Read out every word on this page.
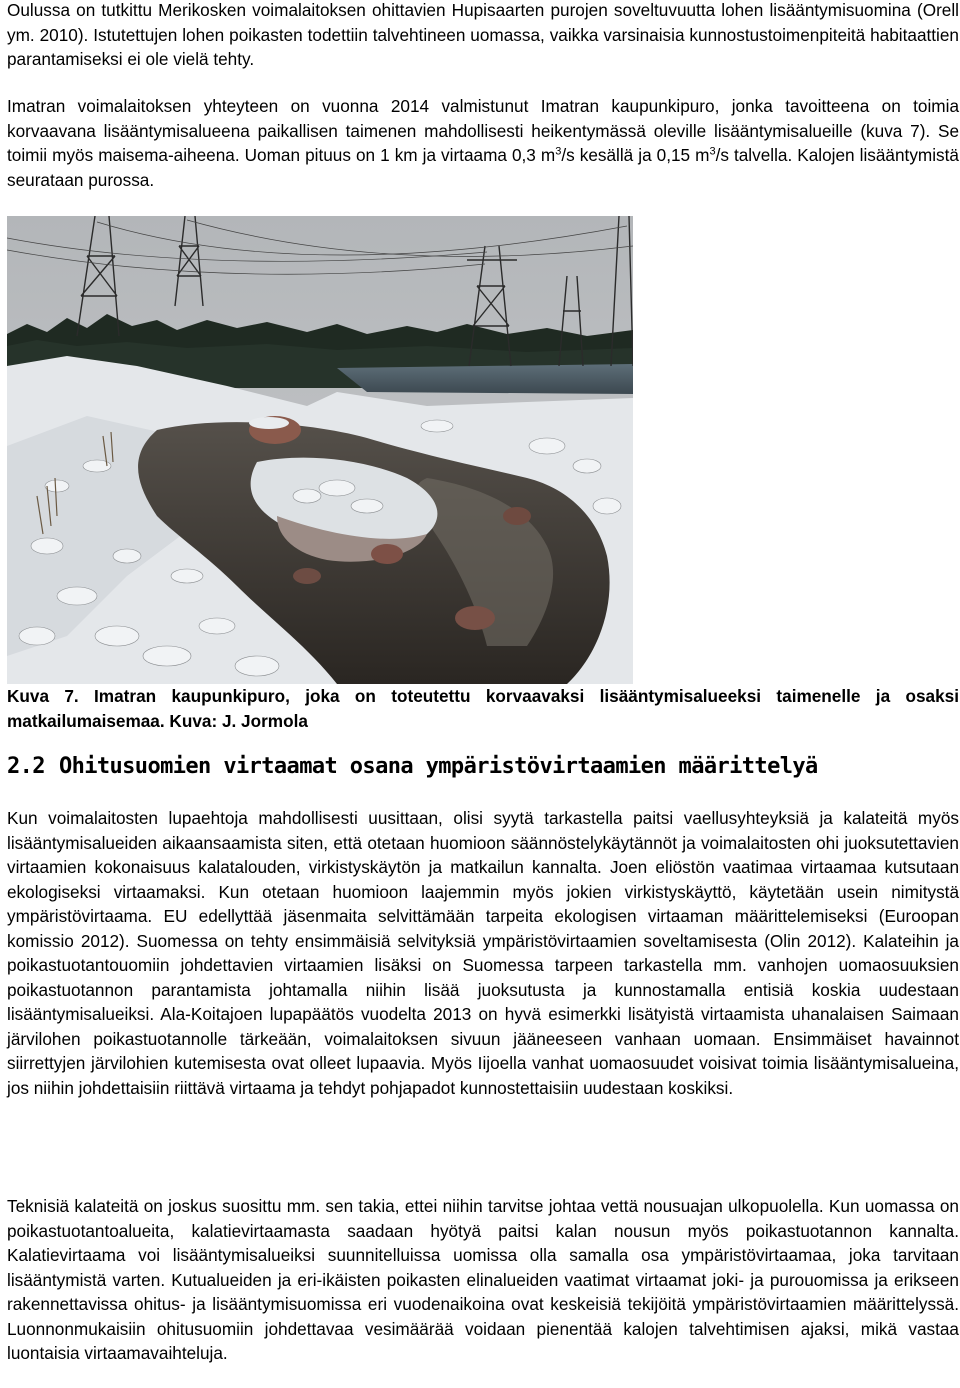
Oulussa on tutkittu Merikosken voimalaitoksen ohittavien Hupisaarten purojen soveltuvuutta lohen lisääntymisuomina (Orell ym. 2010). Istutettujen lohen poikasten todettiin talvehtineen uomassa, vaikka varsinaisia kunnostustoimenpiteitä habitaattien parantamiseksi ei ole vielä tehty.

Imatran voimalaitoksen yhteyteen on vuonna 2014 valmistunut Imatran kaupunkipuro, jonka tavoitteena on toimia korvaavana lisääntymisalueena paikallisen taimenen mahdollisesti heikentymässä oleville lisääntymisalueille (kuva 7). Se toimii myös maisema-aiheena. Uoman pituus on 1 km ja virtaama 0,3 $m^3/s$ kesällä ja 0,15 $m^3/s$ talvella. Kalojen lisääntymistä seurataan purossa.

Kuva 7. Imatran kaupunkipuro, joka on toteutettu korvaavaksi lisääntymisalueeksi taimenelle ja osaksi matkailumaisemaa. Kuva: J. Jormola

2.2 Ohitusuomien virtaamat osana ympäristövirtaamien määrittelyä

Kun voimalaitosten lupaehtoja mahdollisesti uusittaan, olisi syytä tarkastella paitsi vaellusyhteyksiä ja kalateitä myös lisääntymisalueiden aikaansaamista siten, että otetaan huomioon säännöstelykäytännöt ja voimalaitosten ohi juoksutettavien virtaamien kokonaisuus kalatalouden, virkistyskäytön ja matkailun kannalta. Joen eliöstön vaatimaa virtaamaa kutsutaan ekologiseksi virtaamaksi. Kun otetaan huomioon laajemmin myös jokien virkistyskäyttö, käytetään usein nimitystä ympäristövirtaama. EU edellyttää jäsenmaita selvittämään tarpeita ekologisen virtaaman määrittelemiseksi (Euroopan komissio 2012). Suomessa on tehty ensimmäisiä selvityksiä ympäristövirtaamien soveltamisesta (Olin 2012). Kalateihin ja poikastuotantouomiin johdettavien virtaamien lisäksi on Suomessa tarpeen tarkastella mm. vanhojen uomaosuuksien poikastuotannon parantamista johtamalla niihin lisää juoksutusta ja kunnostamalla entisiä koskia uudestaan lisääntymisalueiksi. Ala-Koitajoen lupapäätös vuodelta 2013 on hyvä esimerkki lisätyistä virtaamista uhanalaisen Saimaan järvilohen poikastuotannolle tärkeään, voimalaitoksen sivuun jääneeseen vanhaan uomaan. Ensimmäiset havainnot siirrettyjen järvilohien kutemisesta ovat olleet lupaavia. Myös Iijoella vanhat uomaosuudet voisivat toimia lisääntymisalueina, jos niihin johdettaisiin riittävä virtaama ja tehdyt pohjapadot kunnostettaisiin uudestaan koskiksi.

Teknisiä kalateitä on joskus suosittu mm. sen takia, ettei niihin tarvitse johtaa vettä nousuajan ulkopuolella. Kun uomassa on poikastuotantoalueita, kalatievirtaamasta saadaan hyötyä paitsi kalan nousun myös poikastuotannon kannalta. Kalatievirtaama voi lisääntymisalueiksi suunnitelluissa uomissa olla samalla osa ympäristövirtaamaa, joka tarvitaan lisääntymistä varten. Kutualueiden ja eri-ikäisten poikasten elinalueiden vaatimat virtaamat joki- ja purouomissa ja erikseen rakennettavissa ohitus- ja lisääntymisuomissa eri vuodenaikoina ovat keskeisiä tekijöitä ympäristövirtaamien määrittelyssä. Luonnonmukaisiin ohitusuomiin johdettavaa vesimäärää voidaan pienentää kalojen talvehtimisen ajaksi, mikä vastaa luontaisia virtaamavaihteluja.
